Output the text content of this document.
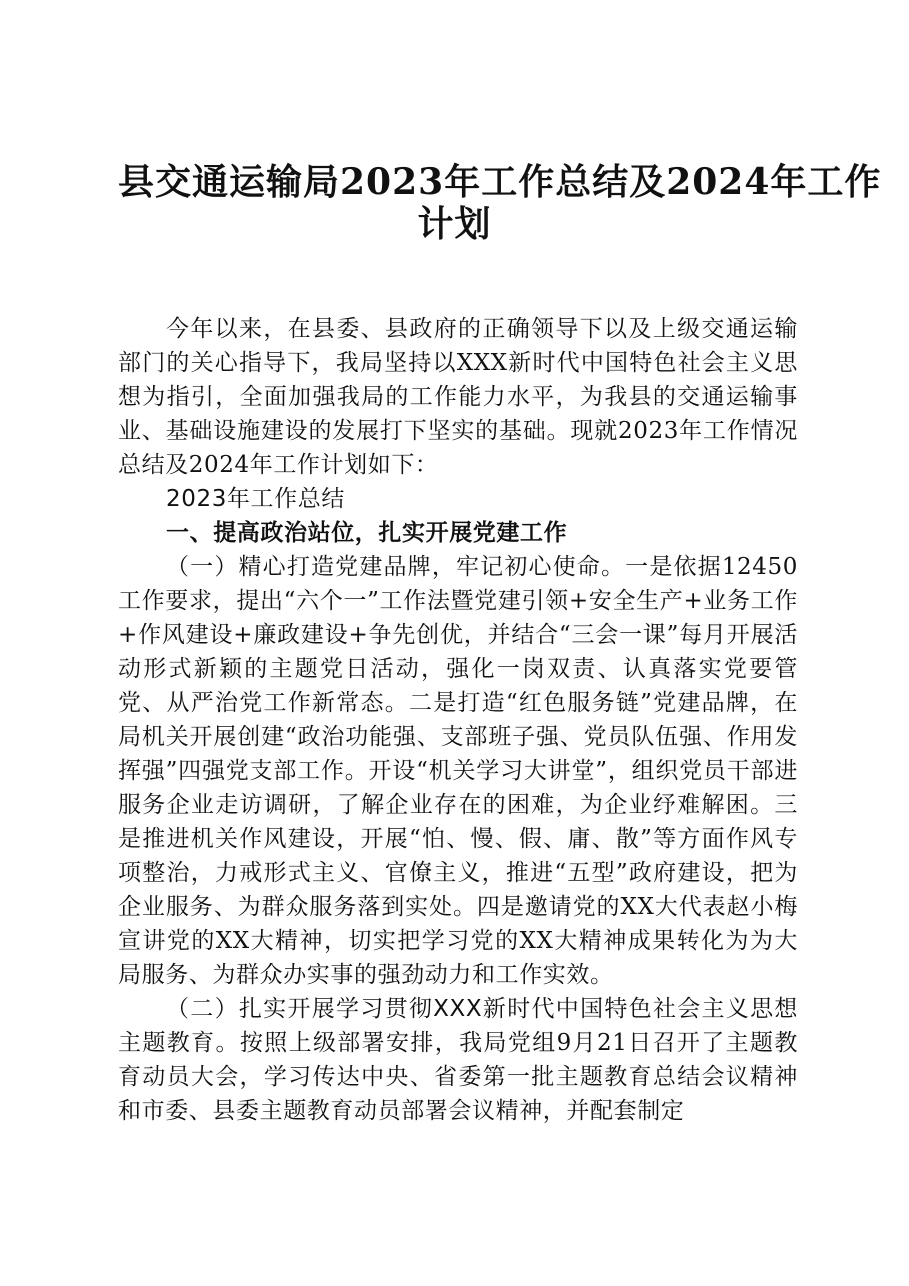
县交通运输局2023年工作总结及2024年工作
计划

今年以来，在县委、县政府的正确领导下以及上级交通运输部门的关心指导下，我局坚持以XXX新时代中国特色社会主义思想为指引，全面加强我局的工作能力水平，为我县的交通运输事业、基础设施建设的发展打下坚实的基础。现就2023年工作情况总结及2024年工作计划如下：

2023年工作总结

一、提高政治站位，扎实开展党建工作

（一）精心打造党建品牌，牢记初心使命。一是依据12450工作要求，提出“六个一”工作法暨党建引领+安全生产+业务工作+作风建设+廉政建设+争先创优，并结合“三会一课”每月开展活动形式新颖的主题党日活动，强化一岗双责、认真落实党要管党、从严治党工作新常态。二是打造“红色服务链”党建品牌，在局机关开展创建“政治功能强、支部班子强、党员队伍强、作用发挥强”四强党支部工作。开设“机关学习大讲堂”，组织党员干部进服务企业走访调研，了解企业存在的困难，为企业纾难解困。三是推进机关作风建设，开展“怕、慢、假、庸、散”等方面作风专项整治，力戒形式主义、官僚主义，推进“五型”政府建设，把为企业服务、为群众服务落到实处。四是邀请党的XX大代表赵小梅宣讲党的XX大精神，切实把学习党的XX大精神成果转化为为大局服务、为群众办实事的强劲动力和工作实效。

（二）扎实开展学习贯彻XXX新时代中国特色社会主义思想主题教育。按照上级部署安排，我局党组9月21日召开了主题教育动员大会，学习传达中央、省委第一批主题教育总结会议精神和市委、县委主题教育动员部署会议精神，并配套制定
